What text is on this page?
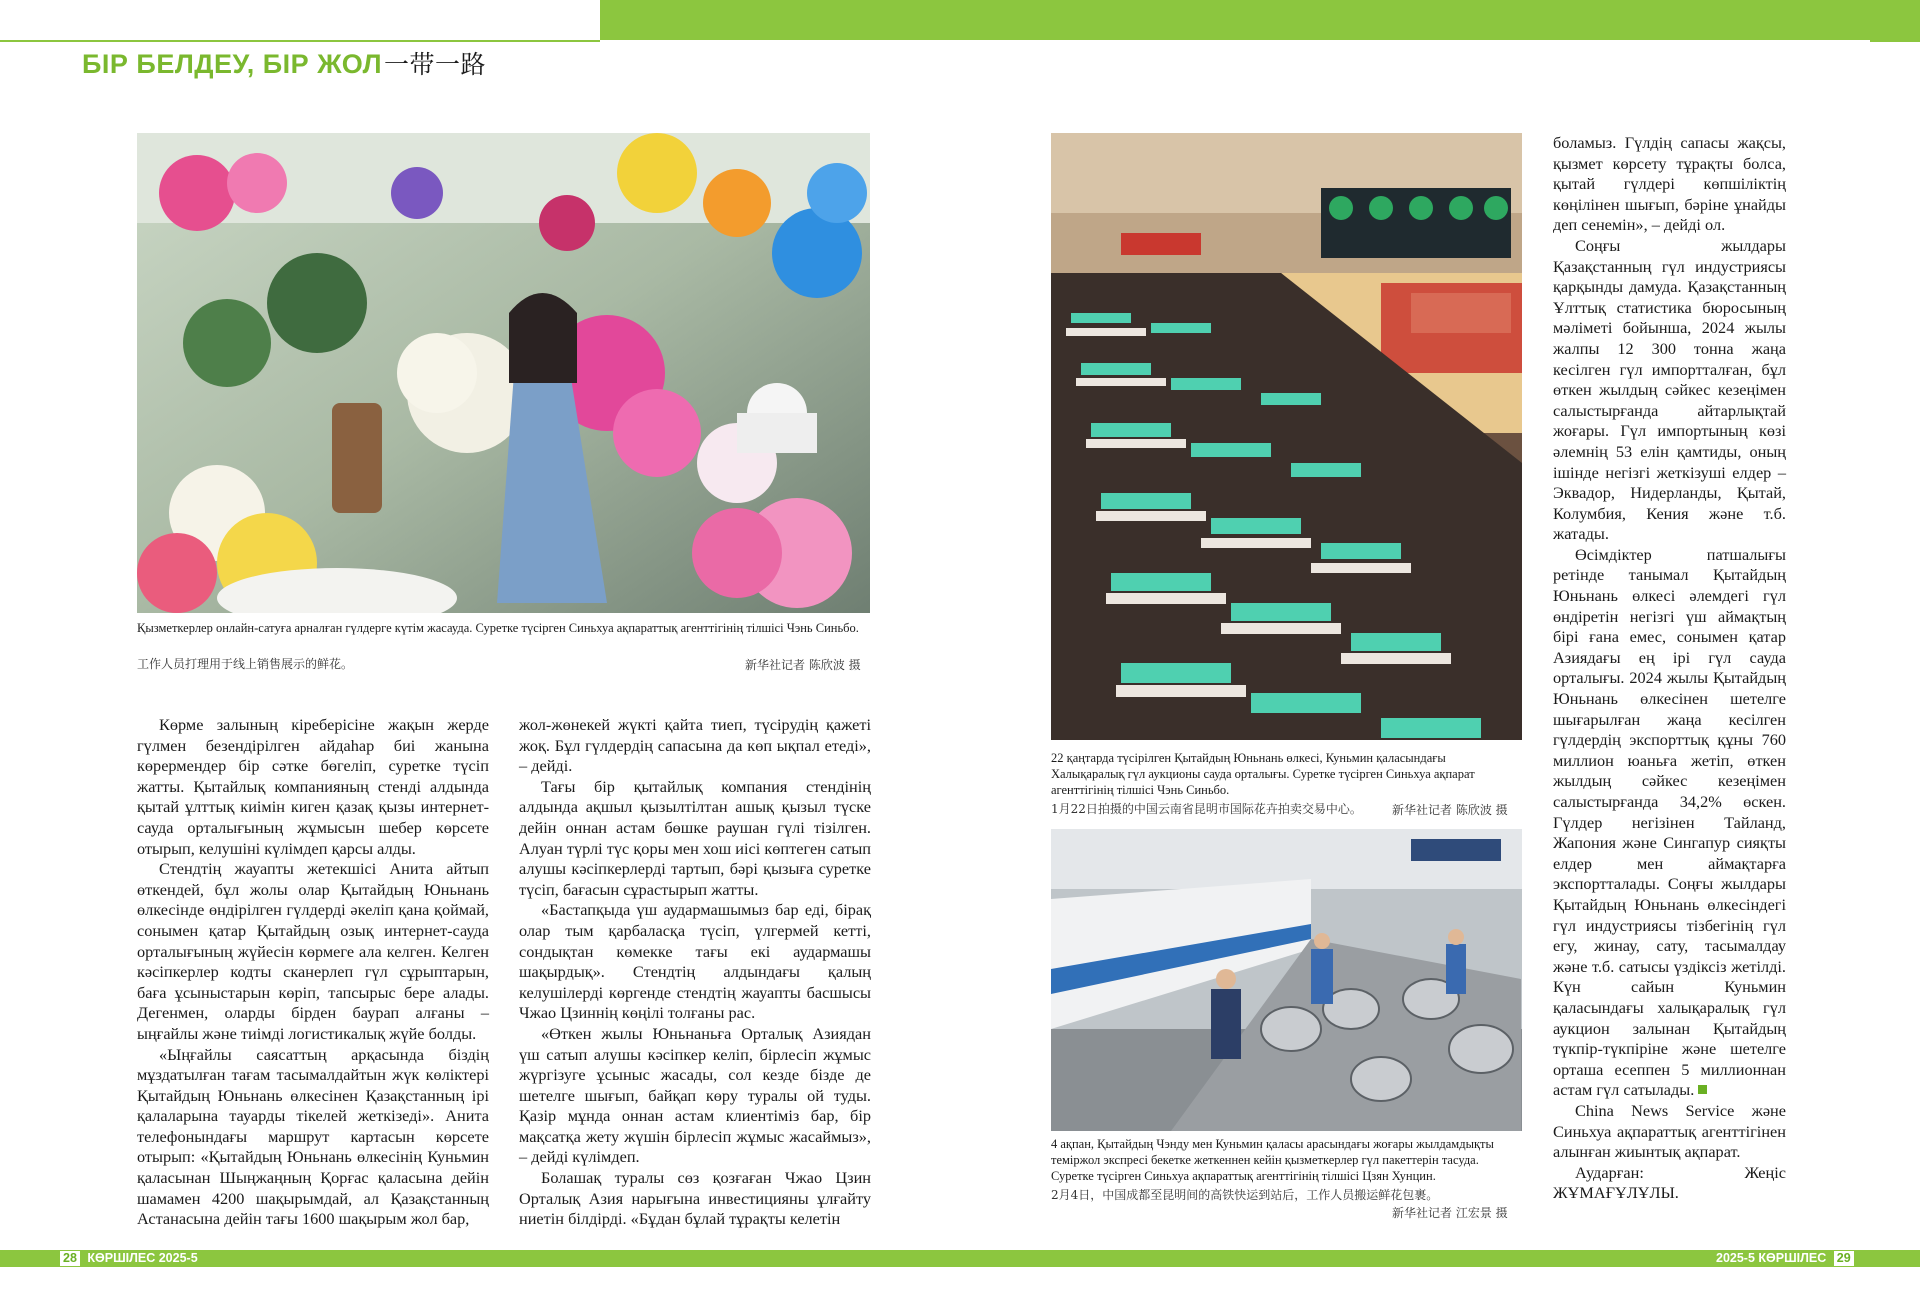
БІР БЕЛДЕУ, БІР ЖОЛ一带一路
Қызметкерлер онлайн-сатуға арналған гүлдерге күтім жасауда. Суретке түсірген Синьхуа ақпараттық агенттігінің тілшісі Чэнь Синьбо.
工作人员打理用于线上销售展示的鲜花。	新华社记者 陈欣波 摄
22 қаңтарда түсірілген Қытайдың Юньнань өлкесі, Куньмин қаласындағы Халықаралық гүл аукционы сауда орталығы. Суретке түсірген Синьхуа ақпарат агенттігінің тілшісі Чэнь Синьбо.
1月22日拍摄的中国云南省昆明市国际花卉拍卖交易中心。	新华社记者 陈欣波 摄
4 ақпан, Қытайдың Чэнду мен Куньмин қаласы арасындағы жоғары жылдамдықты теміржол экспресі бекетке жеткеннен кейін қызметкерлер гүл пакеттерін тасуда. Суретке түсірген Синьхуа ақпараттық агенттігінің тілшісі Цзян Хунцин.
2月4日，中国成都至昆明间的高铁快运到站后，工作人员搬运鲜花包裹。
新华社记者 江宏景 摄

Көрме залының кіреберісіне жақын жерде гүлмен безендірілген айдаһар биі жанына көрермендер бір сәтке бөгеліп, суретке түсіп жатты. Қытайлық компанияның стенді алдында қытай ұлттық киімін киген қазақ қызы интернет-сауда орталығының жұмысын шебер көрсете отырып, келушіні күлімдеп қарсы алды.

Стендтің жауапты жетекшісі Анита айтып өткендей, бұл жолы олар Қытайдың Юньнань өлкесінде өндірілген гүлдерді әкеліп қана қоймай, сонымен қатар Қытайдың озық интернет-сауда орталығының жүйесін көрмеге ала келген. Келген кәсіпкерлер кодты сканерлеп гүл сұрыптарын, баға ұсыныстарын көріп, тапсырыс бере алады. Дегенмен, оларды бірден баурап алғаны – ыңғайлы және тиімді логистикалық жүйе болды.

«Ыңғайлы саясаттың арқасында біздің мұздатылған тағам тасымалдайтын жүк көліктері Қытайдың Юньнань өлкесінен Қазақстанның ірі қалаларына тауарды тікелей жеткізеді». Анита телефонындағы маршрут картасын көрсете отырып: «Қытайдың Юньнань өлкесінің Куньмин қаласынан Шыңжаңның Қорғас қаласына дейін шамамен 4200 шақырымдай, ал Қазақстанның Астанасына дейін тағы 1600 шақырым жол бар,

жол-жөнекей жүкті қайта тиеп, түсірудің қажеті жоқ. Бұл гүлдердің сапасына да көп ықпал етеді», – дейді.

Тағы бір қытайлық компания стендінің алдында ақшыл қызылтілтан ашық қызыл түске дейін оннан астам бөшке раушан гүлі тізілген. Алуан түрлі түс қоры мен хош иісі көптеген сатып алушы кәсіпкерлерді тартып, бәрі қызыға суретке түсіп, бағасын сұрастырып жатты.

«Бастапқыда үш аудармашымыз бар еді, бірақ олар тым қарбаласқа түсіп, үлгермей кетті, сондықтан көмекке тағы екі аудармашы шақырдық». Стендтің алдындағы қалың келушілерді көргенде стендтің жауапты басшысы Чжао Цзиннің көңілі толғаны рас.

«Өткен жылы Юньнаньға Орталық Азиядан үш сатып алушы кәсіпкер келіп, бірлесіп жұмыс жүргізуге ұсыныс жасады, сол кезде бізде де шетелге шығып, байқап көру туралы ой туды. Қазір мұнда оннан астам клиентіміз бар, бір мақсатқа жету жүшін бірлесіп жұмыс жасаймыз», – дейді күлімдеп.

Болашақ туралы сөз қозғаған Чжао Цзин Орталық Азия нарығына инвестицияны ұлғайту ниетін білдірді. «Бұдан бұлай тұрақты келетін

боламыз. Гүлдің сапасы жақсы, қызмет көрсету тұрақты болса, қытай гүлдері көпшіліктің көңілінен шығып, бәріне ұнайды деп сенемін», – дейді ол.

Соңғы жылдары Қазақстанның гүл индустриясы қарқынды дамуда. Қазақстанның Ұлттық статистика бюросының мәліметі бойынша, 2024 жылы жалпы 12 300 тонна жаңа кесілген гүл импортталған, бұл өткен жылдың сәйкес кезеңімен салыстырғанда айтарлықтай жоғары. Гүл импортының көзі әлемнің 53 елін қамтиды, оның ішінде негізгі жеткізуші елдер – Эквадор, Нидерланды, Қытай, Колумбия, Кения және т.б. жатады.

Өсімдіктер патшалығы ретінде танымал Қытайдың Юньнань өлкесі әлемдегі гүл өндіретін негізгі үш аймақтың бірі ғана емес, сонымен қатар Азиядағы ең ірі гүл сауда орталығы. 2024 жылы Қытайдың Юньнань өлкесінен шетелге шығарылған жаңа кесілген гүлдердің экспорттық құны 760 миллион юаньға жетіп, өткен жылдың сәйкес кезеңімен салыстырғанда 34,2% өскен. Гүлдер негізінен Тайланд, Жапония және Сингапур сияқты елдер мен аймақтарға экспортталады. Соңғы жылдары Қытайдың Юньнань өлкесіндегі гүл индустриясы тізбегінің гүл егу, жинау, сату, тасымалдау және т.б. сатысы үздіксіз жетілді. Күн сайын Куньмин қаласындағы халықаралық гүл аукцион залынан Қытайдың түкпір-түкпіріне және шетелге орташа есеппен 5 миллионнан астам гүл сатылады.

China News Service және Синьхуа ақпараттық агенттігінен алынған жиынтық ақпарат.

Аударған: Жеңіс ЖҰМАҒҰЛҰЛЫ.

28 КӨРШІЛЕС 2025-5	2025-5 КӨРШІЛЕС 29
